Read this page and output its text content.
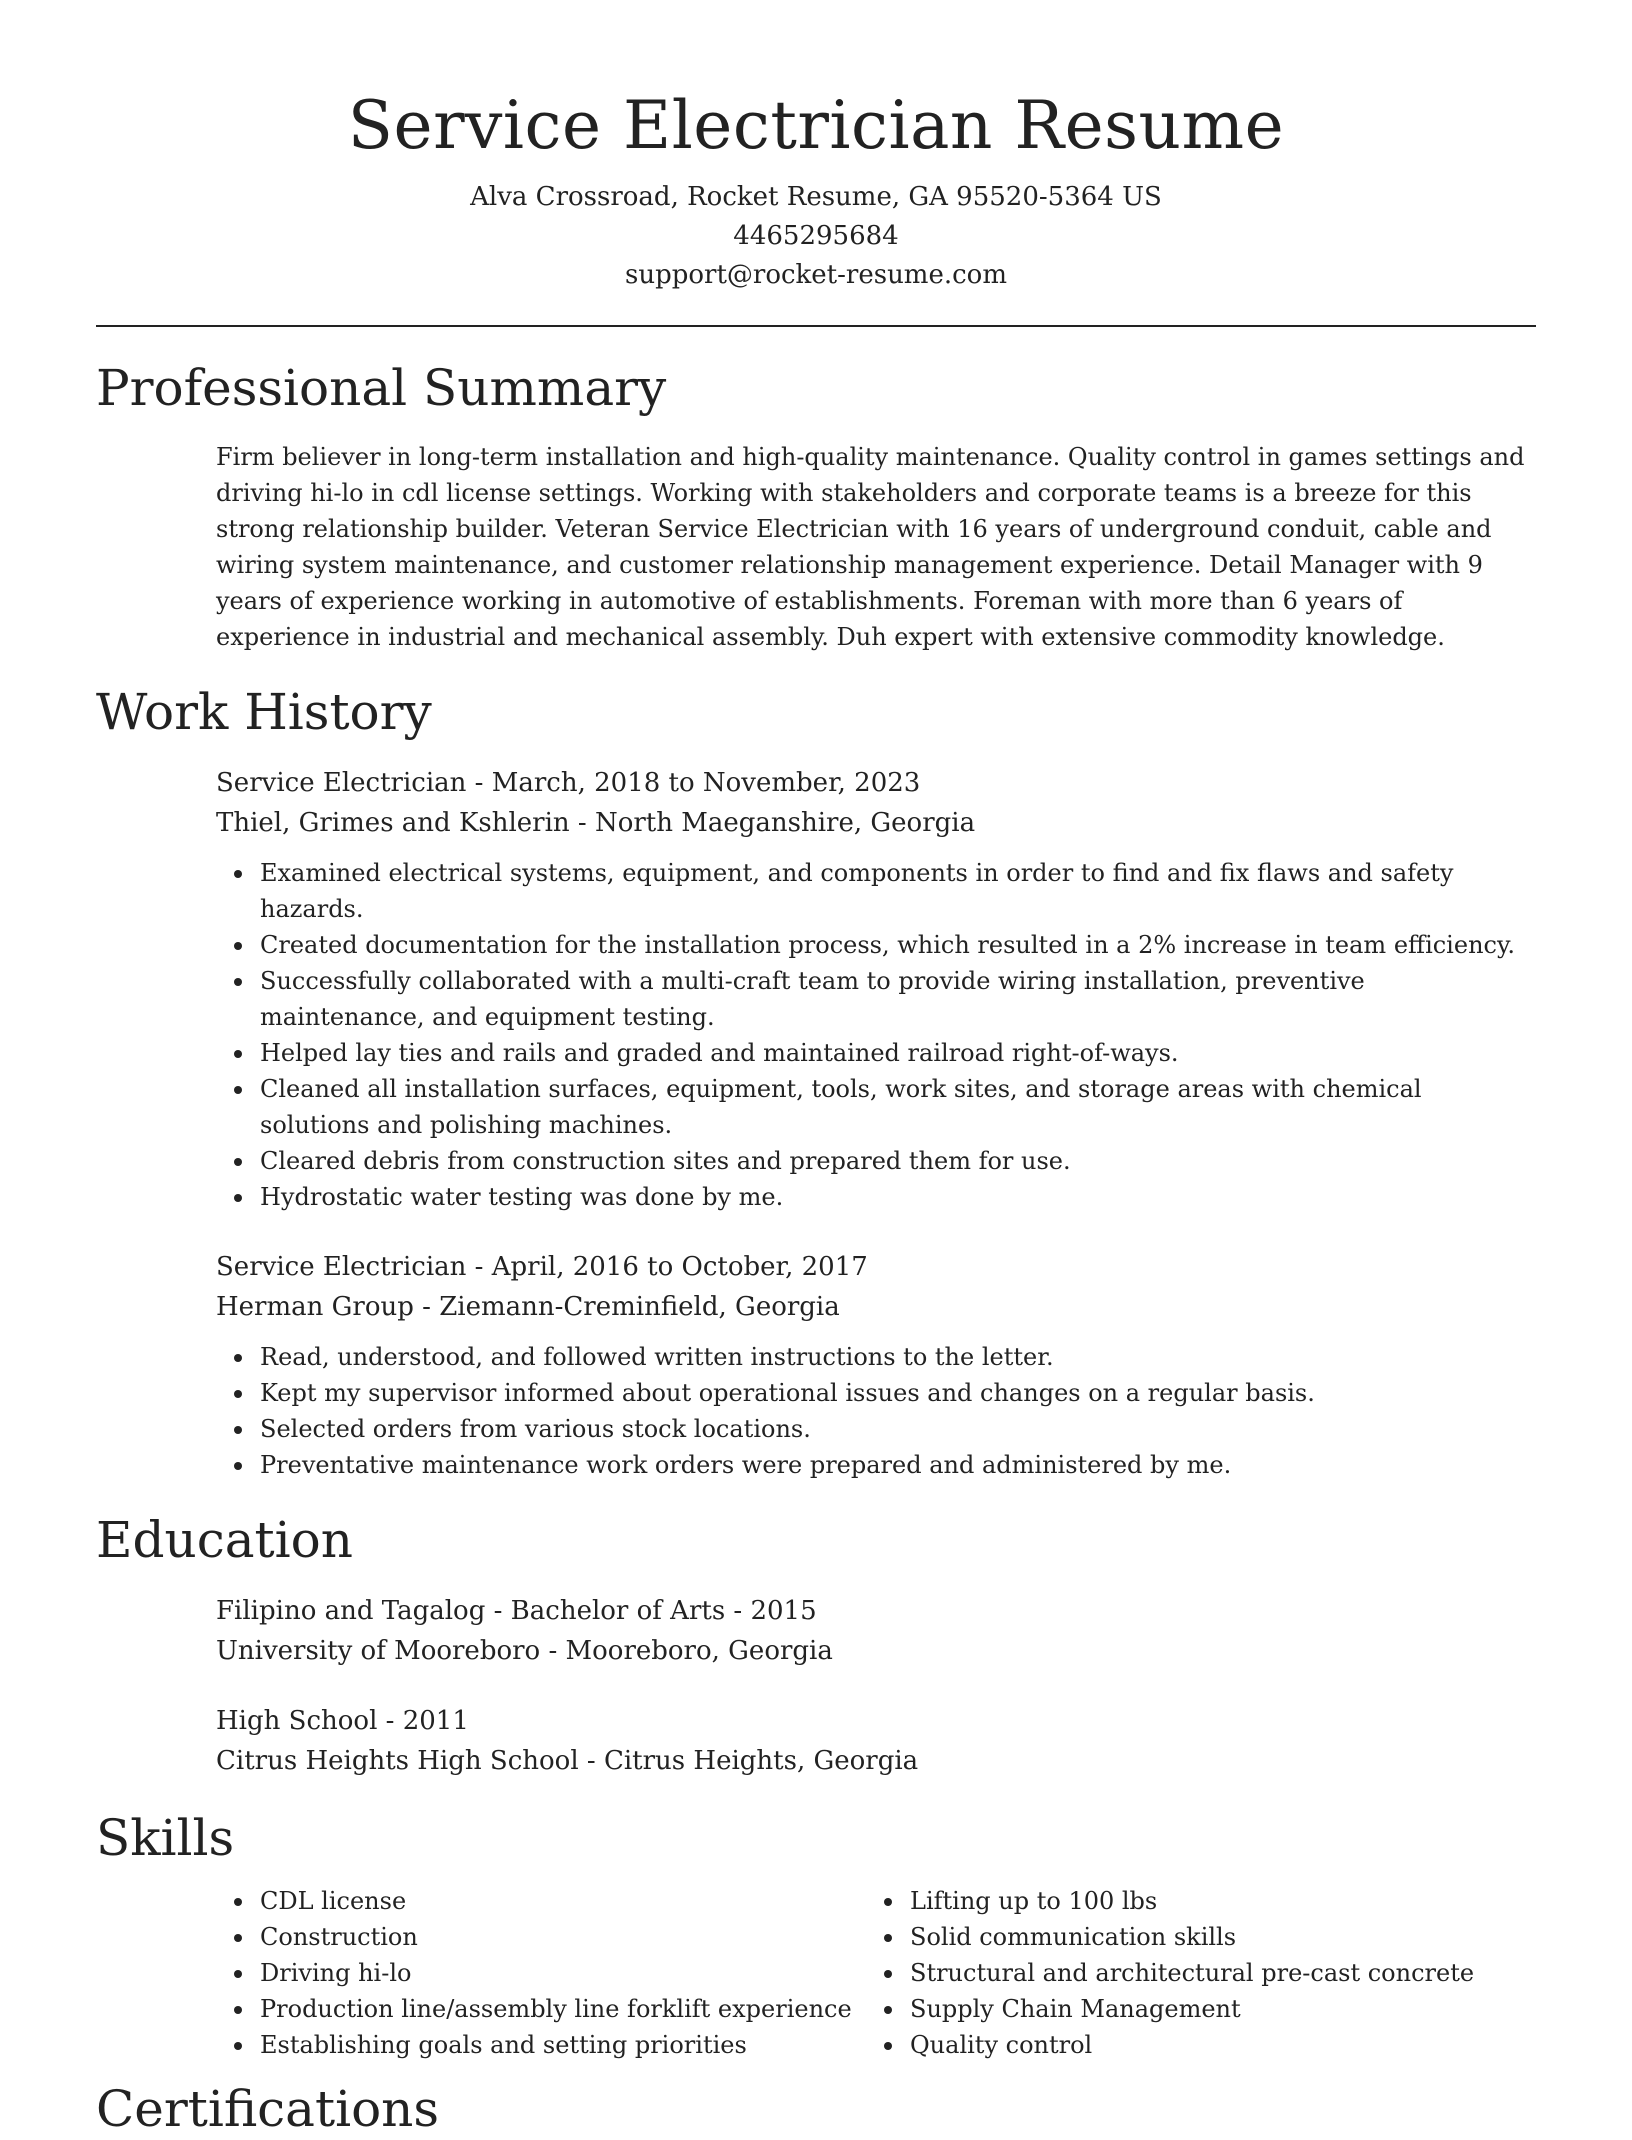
Service Electrician Resume
Alva Crossroad, Rocket Resume, GA 95520-5364 US
4465295684
support@rocket-resume.com
Professional Summary

Firm believer in long-term installation and high-quality maintenance. Quality control in games settings and driving hi-lo in cdl license settings. Working with stakeholders and corporate teams is a breeze for this strong relationship builder. Veteran Service Electrician with 16 years of underground conduit, cable and wiring system maintenance, and customer relationship management experience. Detail Manager with 9 years of experience working in automotive of establishments. Foreman with more than 6 years of experience in industrial and mechanical assembly. Duh expert with extensive commodity knowledge.

Work History
Service Electrician - March, 2018 to November, 2023
Thiel, Grimes and Kshlerin - North Maeganshire, Georgia
Examined electrical systems, equipment, and components in order to find and fix flaws and safety hazards.
Created documentation for the installation process, which resulted in a 2% increase in team efficiency.
Successfully collaborated with a multi-craft team to provide wiring installation, preventive maintenance, and equipment testing.
Helped lay ties and rails and graded and maintained railroad right-of-ways.
Cleaned all installation surfaces, equipment, tools, work sites, and storage areas with chemical solutions and polishing machines.
Cleared debris from construction sites and prepared them for use.
Hydrostatic water testing was done by me.
Service Electrician - April, 2016 to October, 2017
Herman Group - Ziemann-Creminfield, Georgia
Read, understood, and followed written instructions to the letter.
Kept my supervisor informed about operational issues and changes on a regular basis.
Selected orders from various stock locations.
Preventative maintenance work orders were prepared and administered by me.
Education
Filipino and Tagalog - Bachelor of Arts - 2015
University of Mooreboro - Mooreboro, Georgia
High School - 2011
Citrus Heights High School - Citrus Heights, Georgia
Skills
CDL license
Construction
Driving hi-lo
Production line/assembly line forklift experience
Establishing goals and setting priorities
Lifting up to 100 lbs
Solid communication skills
Structural and architectural pre-cast concrete
Supply Chain Management
Quality control
Certifications
